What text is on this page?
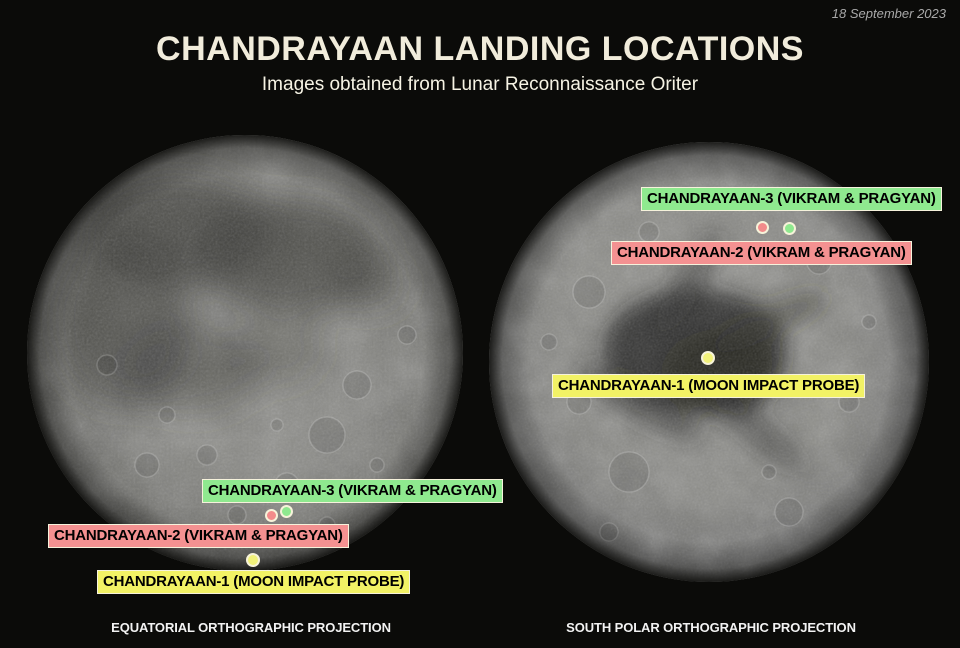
18 September 2023
CHANDRAYAAN LANDING LOCATIONS
Images obtained from Lunar Reconnaissance Oriter
CHANDRAYAAN-3 (VIKRAM & PRAGYAN)
CHANDRAYAAN-2 (VIKRAM & PRAGYAN)
CHANDRAYAAN-1 (MOON IMPACT PROBE)
CHANDRAYAAN-3 (VIKRAM & PRAGYAN)
CHANDRAYAAN-2 (VIKRAM & PRAGYAN)
CHANDRAYAAN-1 (MOON IMPACT PROBE)
EQUATORIAL ORTHOGRAPHIC PROJECTION	SOUTH POLAR ORTHOGRAPHIC PROJECTION
